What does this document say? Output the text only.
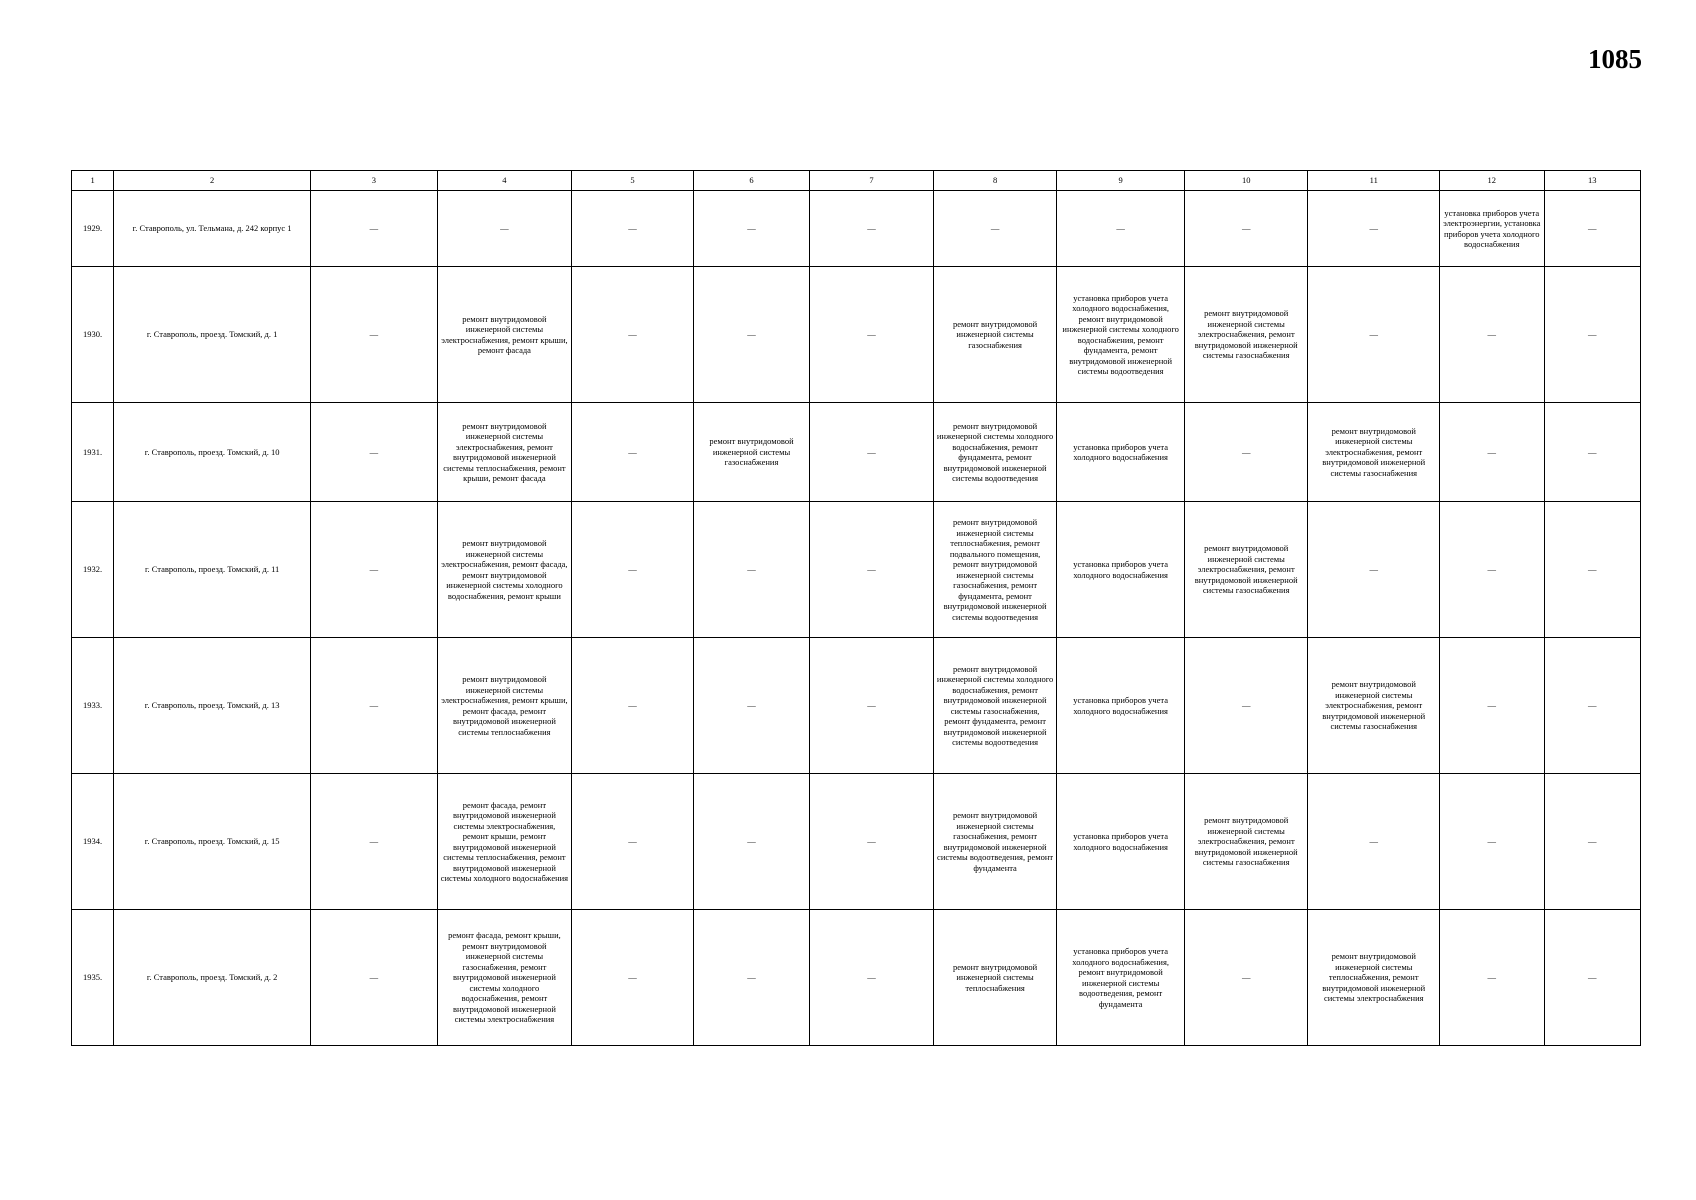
1085
1	2	3	4	5	6	7	8	9	10	11	12	13
1929.	г. Ставрополь, ул. Тельмана, д. 242 корпус 1	—	—	—	—	—	—	—	—	—	установка приборов учета электроэнергии, установка приборов учета холодного водоснабжения	—
1930.	г. Ставрополь, проезд. Томский, д. 1	—	ремонт внутридомовой инженерной системы электроснабжения, ремонт крыши, ремонт фасада	—	—	—	ремонт внутридомовой инженерной системы газоснабжения	установка приборов учета холодного водоснабжения, ремонт внутридомовой инженерной системы холодного водоснабжения, ремонт фундамента, ремонт внутридомовой инженерной системы водоотведения	ремонт внутридомовой инженерной системы электроснабжения, ремонт внутридомовой инженерной системы газоснабжения	—	—	—
1931.	г. Ставрополь, проезд. Томский, д. 10	—	ремонт внутридомовой инженерной системы электроснабжения, ремонт внутридомовой инженерной системы теплоснабжения, ремонт крыши, ремонт фасада	—	ремонт внутридомовой инженерной системы газоснабжения	—	ремонт внутридомовой инженерной системы холодного водоснабжения, ремонт фундамента, ремонт внутридомовой инженерной системы водоотведения	установка приборов учета холодного водоснабжения	—	ремонт внутридомовой инженерной системы электроснабжения, ремонт внутридомовой инженерной системы газоснабжения	—	—
1932.	г. Ставрополь, проезд. Томский, д. 11	—	ремонт внутридомовой инженерной системы электроснабжения, ремонт фасада, ремонт внутридомовой инженерной системы холодного водоснабжения, ремонт крыши	—	—	—	ремонт внутридомовой инженерной системы теплоснабжения, ремонт подвального помещения, ремонт внутридомовой инженерной системы газоснабжения, ремонт фундамента, ремонт внутридомовой инженерной системы водоотведения	установка приборов учета холодного водоснабжения	ремонт внутридомовой инженерной системы электроснабжения, ремонт внутридомовой инженерной системы газоснабжения	—	—	—
1933.	г. Ставрополь, проезд. Томский, д. 13	—	ремонт внутридомовой инженерной системы электроснабжения, ремонт крыши, ремонт фасада, ремонт внутридомовой инженерной системы теплоснабжения	—	—	—	ремонт внутридомовой инженерной системы холодного водоснабжения, ремонт внутридомовой инженерной системы газоснабжения, ремонт фундамента, ремонт внутридомовой инженерной системы водоотведения	установка приборов учета холодного водоснабжения	—	ремонт внутридомовой инженерной системы электроснабжения, ремонт внутридомовой инженерной системы газоснабжения	—	—
1934.	г. Ставрополь, проезд. Томский, д. 15	—	ремонт фасада, ремонт внутридомовой инженерной системы электроснабжения, ремонт крыши, ремонт внутридомовой инженерной системы теплоснабжения, ремонт внутридомовой инженерной системы холодного водоснабжения	—	—	—	ремонт внутридомовой инженерной системы газоснабжения, ремонт внутридомовой инженерной системы водоотведения, ремонт фундамента	установка приборов учета холодного водоснабжения	ремонт внутридомовой инженерной системы электроснабжения, ремонт внутридомовой инженерной системы газоснабжения	—	—	—
1935.	г. Ставрополь, проезд. Томский, д. 2	—	ремонт фасада, ремонт крыши, ремонт внутридомовой инженерной системы газоснабжения, ремонт внутридомовой инженерной системы холодного водоснабжения, ремонт внутридомовой инженерной системы электроснабжения	—	—	—	ремонт внутридомовой инженерной системы теплоснабжения	установка приборов учета холодного водоснабжения, ремонт внутридомовой инженерной системы водоотведения, ремонт фундамента	—	ремонт внутридомовой инженерной системы теплоснабжения, ремонт внутридомовой инженерной системы электроснабжения	—	—
